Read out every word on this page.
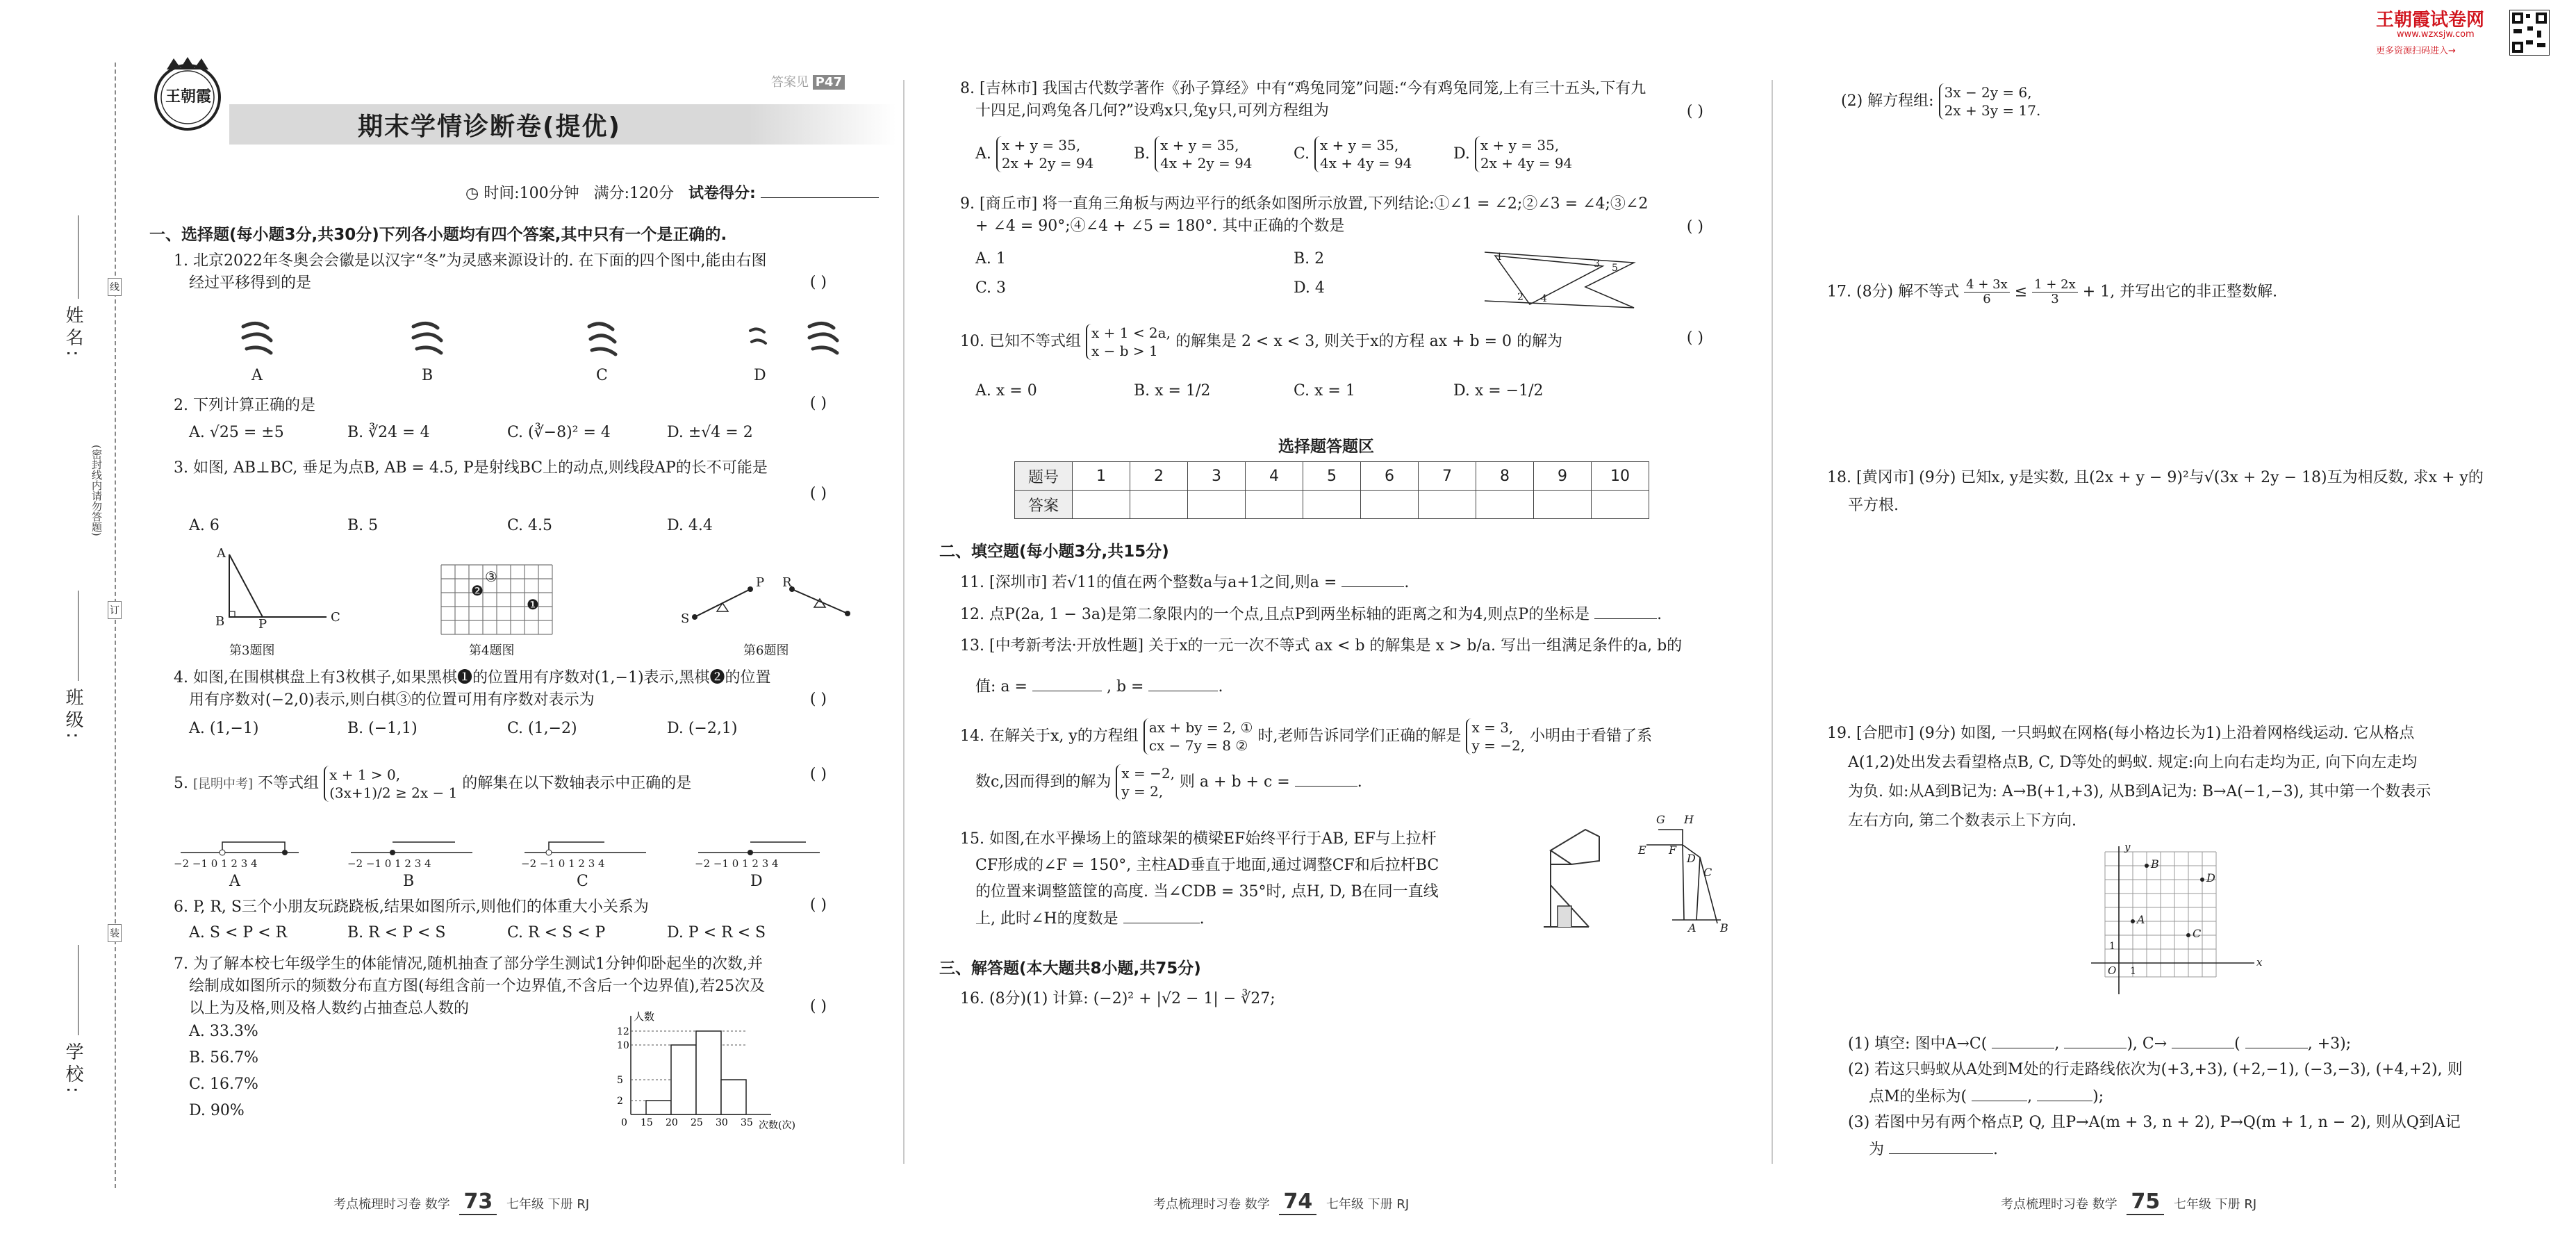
姓名:
班级:
学校:
(密封线内请勿答题)
线
订
装
王朝霞试卷网
www.wzxsjw.com
更多资源扫码进入→
王朝霞
答案见 P47
期末学情诊断卷(提优)
◷ 时间:100分钟 满分:120分 试卷得分:
一、选择题(每小题3分,共30分)下列各小题均有四个答案,其中只有一个是正确的.
1. 北京2022年冬奥会会徽是以汉字“冬”为灵感来源设计的. 在下面的四个图中,能由右图
经过平移得到的是	( )
A	B	C	D
2. 下列计算正确的是	( )
A. √25 = ±5	B. ∛24 = 4	C. (∛−8)² = 4	D. ±√4 = 2
3. 如图, AB⊥BC, 垂足为点B, AB = 4.5, P是射线BC上的动点,则线段AP的长不可能是
( )
A. 6	B. 5	C. 4.5	D. 4.4
A
B	P	C
第3题图
❷
③
❶
第4题图
P R
S
第6题图
4. 如图,在围棋棋盘上有3枚棋子,如果黑棋❶的位置用有序数对(1,−1)表示,黑棋❷的位置
用有序数对(−2,0)表示,则白棋③的位置可用有序数对表示为	( )
A. (1,−1)	B. (−1,1)	C. (1,−2)	D. (−2,1)
5. [昆明中考] 不等式组 x + 1 > 0,
(3x+1)/2 ≥ 2x − 1
的解集在以下数轴表示中正确的是
( )
−2 −1 0 1 2 3 4	−2 −1 0 1 2 3 4	−2 −1 0 1 2 3 4	−2 −1 0 1 2 3 4
A	B	C	D
6. P, R, S三个小朋友玩跷跷板,结果如图所示,则他们的体重大小关系为	( )
A. S < P < R	B. R < P < S	C. R < S < P	D. P < R < S
7. 为了解本校七年级学生的体能情况,随机抽查了部分学生测试1分钟仰卧起坐的次数,并
绘制成如图所示的频数分布直方图(每组含前一个边界值,不含后一个边界值),若25次及
以上为及格,则及格人数约占抽查总人数的	( )
A. 33.3%
B. 56.7%
C. 16.7%
D. 90%
15 20 25 30 35
2
5
10
12
人数
次数(次)
0
考点梳理时习卷 数学 73 七年级 下册 RJ
8. [吉林市] 我国古代数学著作《孙子算经》中有“鸡兔同笼”问题:“今有鸡兔同笼,上有三十五头,下有九
十四足,问鸡兔各几何?”设鸡x只,兔y只,可列方程组为	( )
A. x + y = 35,
2x + 2y = 94
B. x + y = 35,
4x + 2y = 94
C. x + y = 35,
4x + 4y = 94
D. x + y = 35,
2x + 4y = 94
9. [商丘市] 将一直角三角板与两边平行的纸条如图所示放置,下列结论:①∠1 = ∠2;②∠3 = ∠4;③∠2
+ ∠4 = 90°;④∠4 + ∠5 = 180°. 其中正确的个数是	( )
A. 1	B. 2
C. 3	D. 4
1
2
3
4
5
10. 已知不等式组 x + 1 < 2a,
x − b > 1
的解集是 2 < x < 3, 则关于x的方程 ax + b = 0 的解为	( )
A. x = 0	B. x = 1/2	C. x = 1	D. x = −1/2
选择题答题区
题号	1	2	3	4	5	6	7	8	9	10
答案										
二、填空题(每小题3分,共15分)
11. [深圳市] 若√11的值在两个整数a与a+1之间,则a =	.
12. 点P(2a, 1 − 3a)是第二象限内的一个点,且点P到两坐标轴的距离之和为4,则点P的坐标是	.
13. [中考新考法·开放性题] 关于x的一元一次不等式 ax < b 的解集是 x > b/a. 写出一组满足条件的a, b的
值: a =	, b =	.
14. 在解关于x, y的方程组 ax + by = 2, ①
cx − 7y = 8 ②
时,老师告诉同学们正确的解是 x = 3,
y = −2,
小明由于看错了系
数c,因而得到的解为 x = −2,
y = 2,
则 a + b + c =	.
15. 如图,在水平操场上的篮球架的横梁EF始终平行于AB, EF与上拉杆
CF形成的∠F = 150°, 主柱AD垂直于地面,通过调整CF和后拉杆BC
的位置来调整篮筐的高度. 当∠CDB = 35°时, 点H, D, B在同一直线
上, 此时∠H的度数是	.
G H
E F
D
C
A B
三、解答题(本大题共8小题,共75分)
16. (8分)(1) 计算: (−2)² + |√2 − 1| − ∛27;
考点梳理时习卷 数学 74 七年级 下册 RJ
(2) 解方程组: 3x − 2y = 6,
2x + 3y = 17.
17. (8分) 解不等式 $\frac{4 + 3x}{6} \le \frac{1 + 2x}{3} + 1$, 并写出它的非正整数解.
18. [黄冈市] (9分) 已知x, y是实数, 且(2x + y − 9)²与√(3x + 2y − 18)互为相反数, 求x + y的
平方根.
19. [合肥市] (9分) 如图, 一只蚂蚁在网格(每小格边长为1)上沿着网格线运动. 它从格点
A(1,2)处出发去看望格点B, C, D等处的蚂蚁. 规定:向上向右走均为正, 向下向左走均
为负. 如:从A到B记为: A→B(+1,+3), 从B到A记为: B→A(−1,−3), 其中第一个数表示
左右方向, 第二个数表示上下方向.
B
D
A
C
y
x
O 1
1
(1) 填空: 图中A→C(	,	), C→	(	, +3);
(2) 若这只蚂蚁从A处到M处的行走路线依次为(+3,+3), (+2,−1), (−3,−3), (+4,+2), 则
点M的坐标为(	,	);
(3) 若图中另有两个格点P, Q, 且P→A(m + 3, n + 2), P→Q(m + 1, n − 2), 则从Q到A记
为	.
考点梳理时习卷 数学 75 七年级 下册 RJ
